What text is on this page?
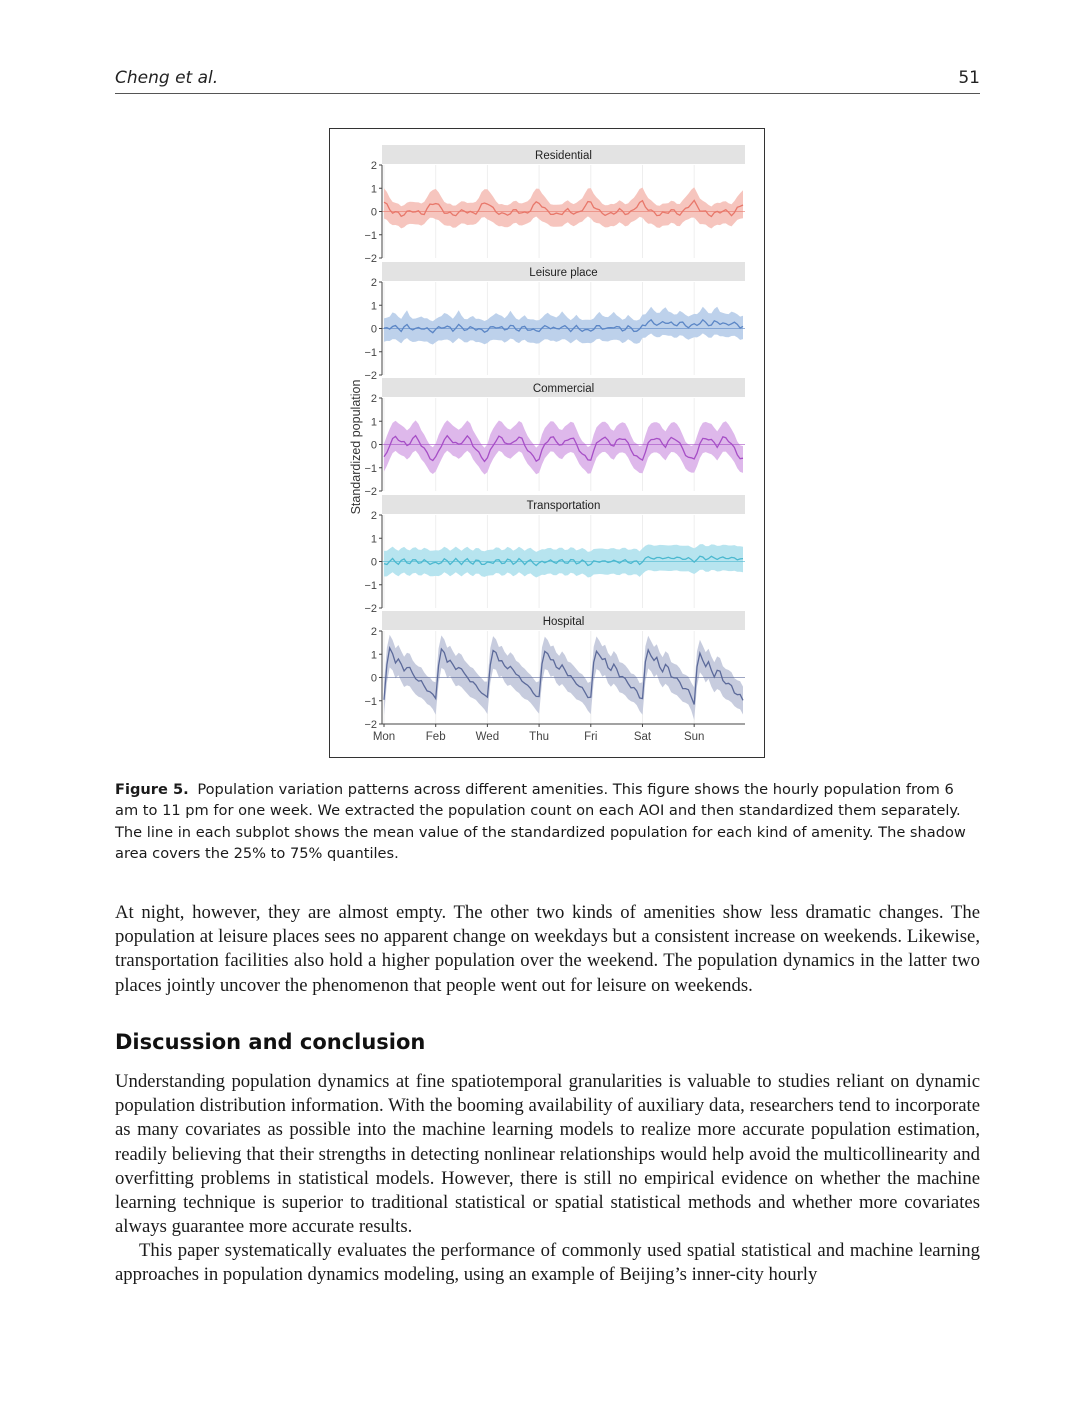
Cheng et al.	51
Standardized population
Residential
2
1
0
−1
−2
Leisure place
2
1
0
−1
−2
Commercial
2
1
0
−1
−2
Transportation
2
1
0
−1
−2
Hospital
2
1
0
−1
−2
Mon	Feb	Wed	Thu	Fri	Sat	Sun
Figure 5. Population variation patterns across different amenities. This figure shows the hourly population from 6 am to 11 pm for one week. We extracted the population count on each AOI and then standardized them separately. The line in each subplot shows the mean value of the standardized population for each kind of amenity. The shadow area covers the 25% to 75% quantiles.
At night, however, they are almost empty. The other two kinds of amenities show less dramatic changes. The population at leisure places sees no apparent change on weekdays but a consistent increase on weekends. Likewise, transportation facilities also hold a higher population over the weekend. The population dynamics in the latter two places jointly uncover the phenomenon that people went out for leisure on weekends.
Discussion and conclusion
Understanding population dynamics at fine spatiotemporal granularities is valuable to studies reliant on dynamic population distribution information. With the booming availability of auxiliary data, researchers tend to incorporate as many covariates as possible into the machine learning models to realize more accurate population estimation, readily believing that their strengths in detecting nonlinear relationships would help avoid the multicollinearity and overfitting problems in statistical models. However, there is still no empirical evidence on whether the machine learning technique is superior to traditional statistical or spatial statistical methods and whether more covariates always guarantee more accurate results.
This paper systematically evaluates the performance of commonly used spatial statistical and machine learning approaches in population dynamics modeling, using an example of Beijing’s inner-city hourly
